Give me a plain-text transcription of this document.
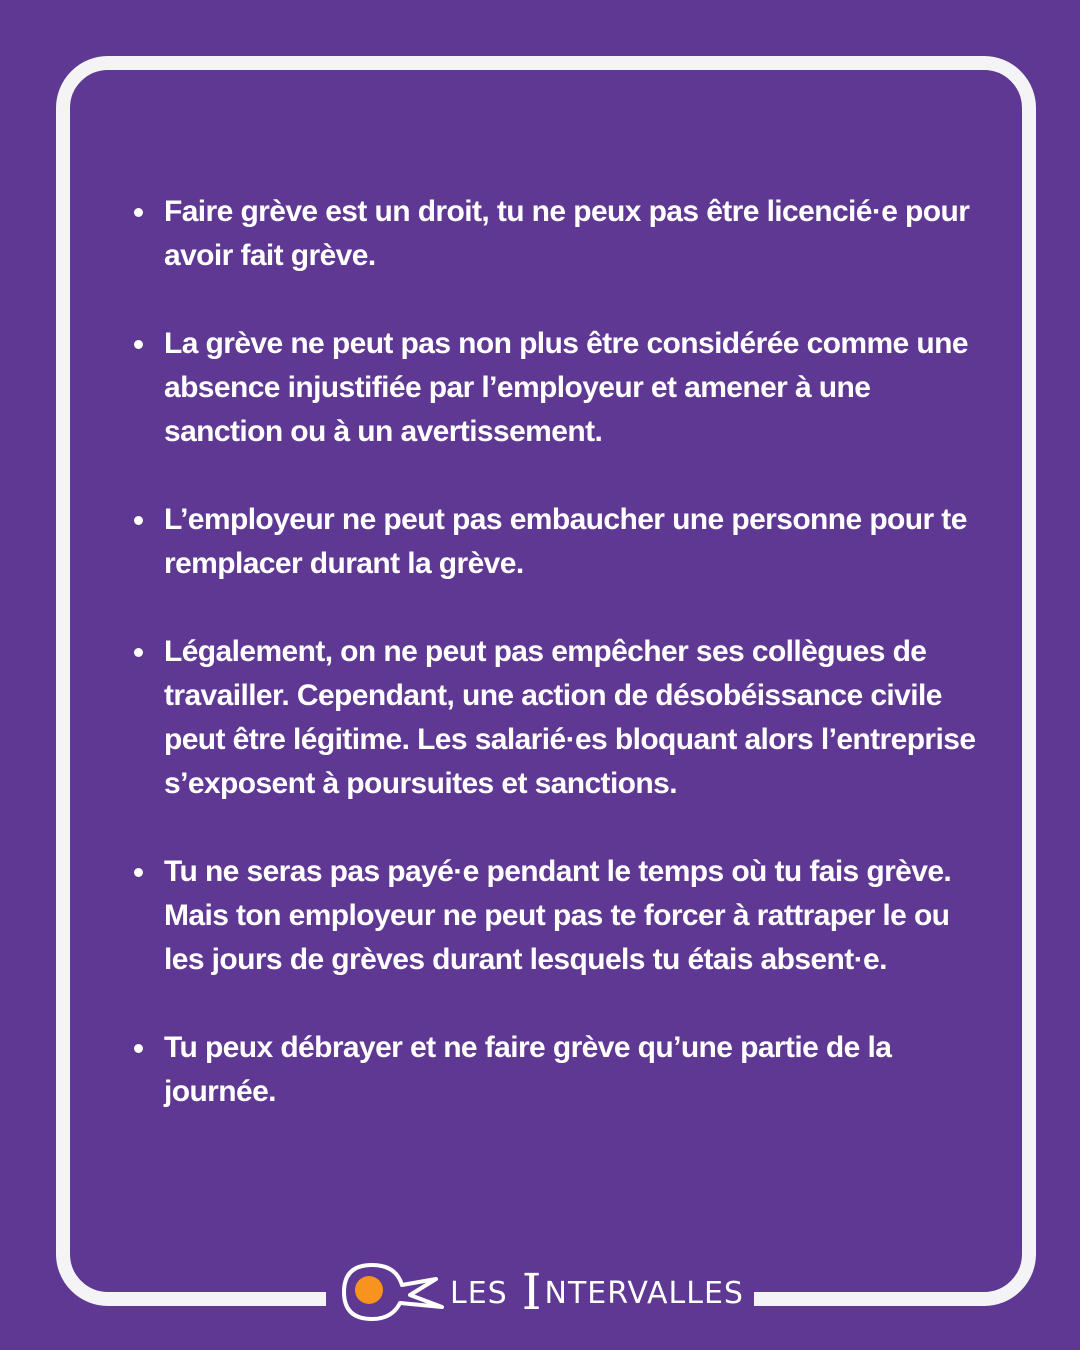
Faire grève est un droit, tu ne peux pas être licencié·e pour avoir fait grève.
La grève ne peut pas non plus être considérée comme une absence injustifiée par l’employeur et amener à une sanction ou à un avertissement.
L’employeur ne peut pas embaucher une personne pour te remplacer durant la grève.
Légalement, on ne peut pas empêcher ses collègues de travailler. Cependant, une action de désobéissance civile peut être légitime. Les salarié·es bloquant alors l’entreprise s’exposent à poursuites et sanctions.
Tu ne seras pas payé·e pendant le temps où tu fais grève. Mais ton employeur ne peut pas te forcer à rattraper le ou les jours de grèves durant lesquels tu étais absent·e.
Tu peux débrayer et ne faire grève qu’une partie de la journée.
LES INTERVALLES
